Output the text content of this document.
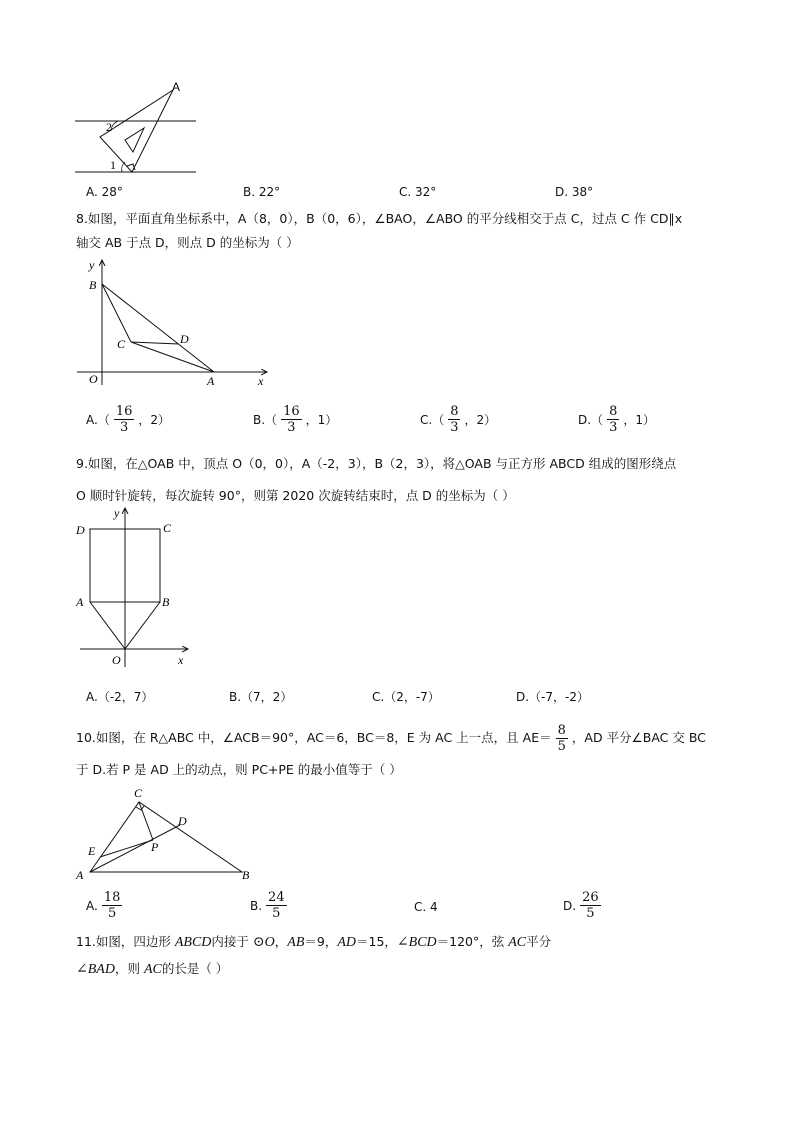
A
2
1
A. 28°	B. 22°	C. 32°	D. 38°
8.如图，平面直角坐标系中，A（8，0），B（0，6），∠BAO，∠ABO 的平分线相交于点 C，过点 C 作 CD∥x
轴交 AB 于点 D，则点 D 的坐标为（ ）
y
B
C	D
O	A	x
$A.( \frac{16}{3}$ ，2）	$B.( \frac{16}{3}$ ，1）	$C.( \frac{8}{3}$ ，2）	$D.( \frac{8}{3}$ ，1）
9.如图，在△OAB 中，顶点 O（0，0），A（-2，3），B（2，3），将△OAB 与正方形 ABCD 组成的图形绕点
O 顺时针旋转，每次旋转 90°，则第 2020 次旋转结束时，点 D 的坐标为（ ）
y
D	C
A	B
O	x
A.（-2，7）	B.（7，2）	C.（2，-7）	D.（-7，-2）
10.如图，在 R△ABC 中，∠ACB＝90°，AC＝6，BC＝8，E 为 AC 上一点，且 $AE= \frac{8}{5}$ ，AD 平分∠BAC 交 BC
于 D.若 P 是 AD 上的动点，则 PC+PE 的最小值等于（ ）
C
D
E	P
A	B
A. $\frac{18}{5}$	B. $\frac{24}{5}$	C. 4	D. $\frac{26}{5}$
11.如图，四边形 ABCD内接于 ⊙O，AB＝9，AD＝15，∠BCD＝120°，弦 AC平分
∠BAD，则 AC的长是（ ）
